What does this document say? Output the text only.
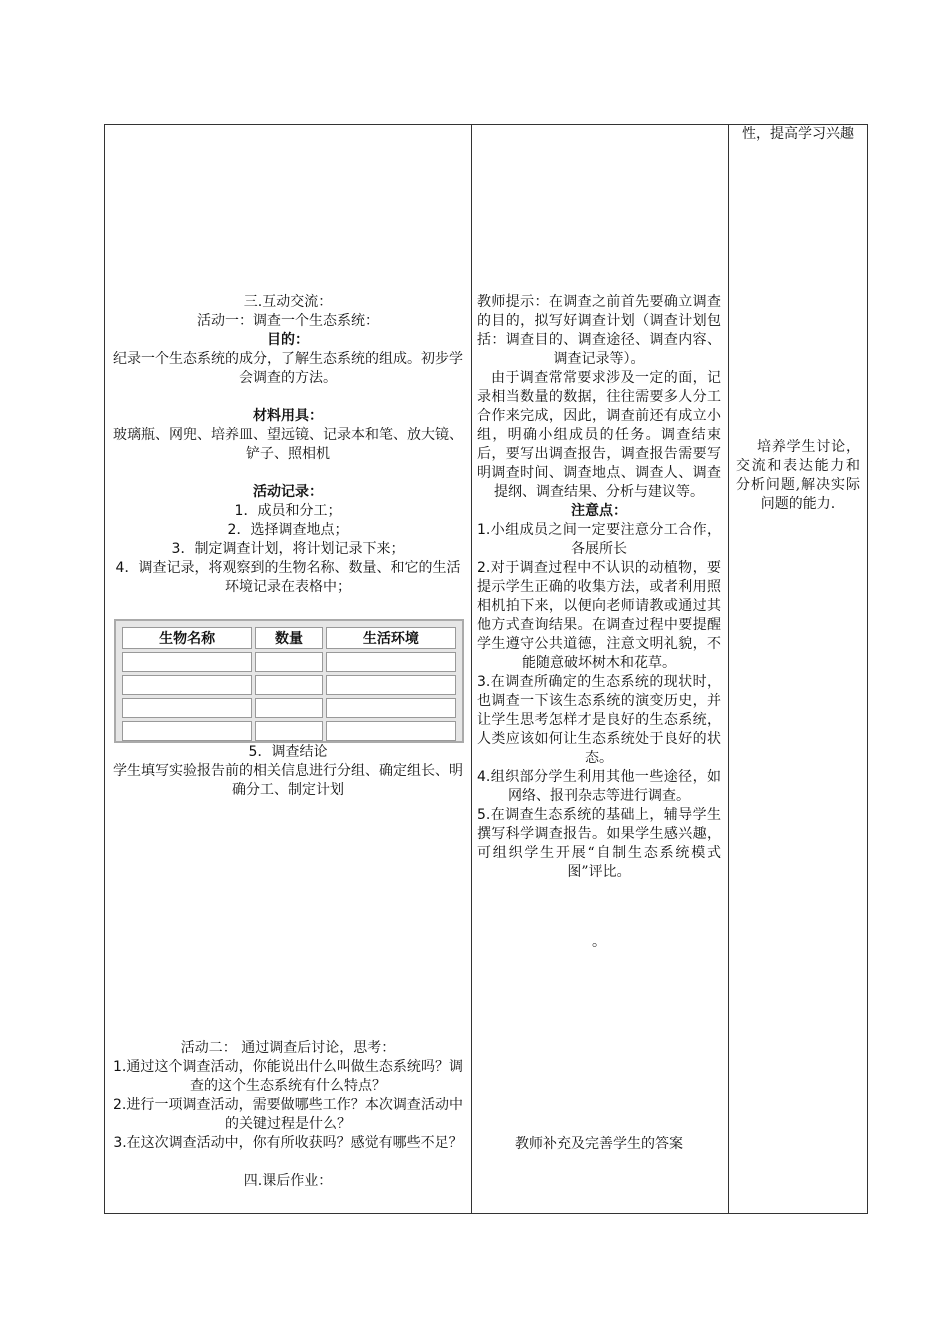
三.互动交流：

活动一：调查一个生态系统：

目的：

纪录一个生态系统的成分，了解生态系统的组成。初步学会调查的方法。

材料用具：

玻璃瓶、网兜、培养皿、望远镜、记录本和笔、放大镜、铲子、照相机

活动记录：

1．成员和分工；

2．选择调查地点；

3．制定调查计划，将计划记录下来；

4．调查记录，将观察到的生物名称、数量、和它的生活环境记录在表格中；

生物名称	数量	生活环境

5．调查结论

学生填写实验报告前的相关信息进行分组、确定组长、明确分工、制定计划

活动二： 通过调查后讨论，思考：

1.通过这个调查活动，你能说出什么叫做生态系统吗？调查的这个生态系统有什么特点？

2.进行一项调查活动，需要做哪些工作？本次调查活动中的关键过程是什么？

3.在这次调查活动中，你有所收获吗？感觉有哪些不足？

四.课后作业：

教师提示：在调查之前首先要确立调查的目的，拟写好调查计划（调查计划包括：调查目的、调查途径、调查内容、调查记录等）。

由于调查常常要求涉及一定的面，记录相当数量的数据，往往需要多人分工合作来完成，因此，调查前还有成立小组，明确小组成员的任务。调查结束后，要写出调查报告，调查报告需要写明调查时间、调查地点、调查人、调查提纲、调查结果、分析与建议等。

注意点：

1.小组成员之间一定要注意分工合作，各展所长

2.对于调查过程中不认识的动植物，要提示学生正确的收集方法，或者利用照相机拍下来，以便向老师请教或通过其他方式查询结果。在调查过程中要提醒学生遵守公共道德，注意文明礼貌，不能随意破坏树木和花草。

3.在调查所确定的生态系统的现状时，也调查一下该生态系统的演变历史，并让学生思考怎样才是良好的生态系统，人类应该如何让生态系统处于良好的状态。

4.组织部分学生利用其他一些途径，如网络、报刊杂志等进行调查。

5.在调查生态系统的基础上，辅导学生撰写科学调查报告。如果学生感兴趣，可组织学生开展“自制生态系统模式图”评比。

。
教师补充及完善学生的答案
性，提高学习兴趣

培养学生讨论，交流和表达能力和分析问题,解决实际问题的能力.
